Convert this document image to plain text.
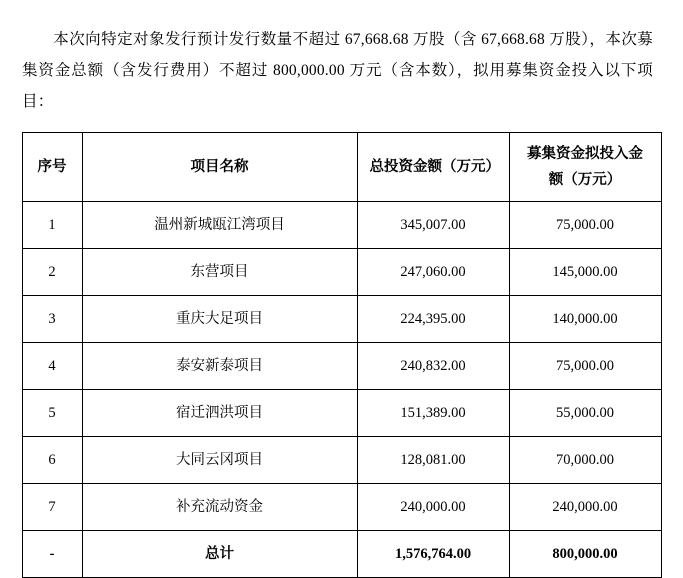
本次向特定对象发行预计发行数量不超过 67,668.68 万股（含 67,668.68 万股），本次募集资金总额（含发行费用）不超过 800,000.00 万元（含本数），拟用募集资金投入以下项目：

序号	项目名称	总投资金额（万元）	募集资金拟投入金额（万元）

1	温州新城瓯江湾项目	345,007.00	75,000.00
2	东营项目	247,060.00	145,000.00
3	重庆大足项目	224,395.00	140,000.00
4	泰安新泰项目	240,832.00	75,000.00
5	宿迁泗洪项目	151,389.00	55,000.00
6	大同云冈项目	128,081.00	70,000.00
7	补充流动资金	240,000.00	240,000.00
-	总计	1,576,764.00	800,000.00
